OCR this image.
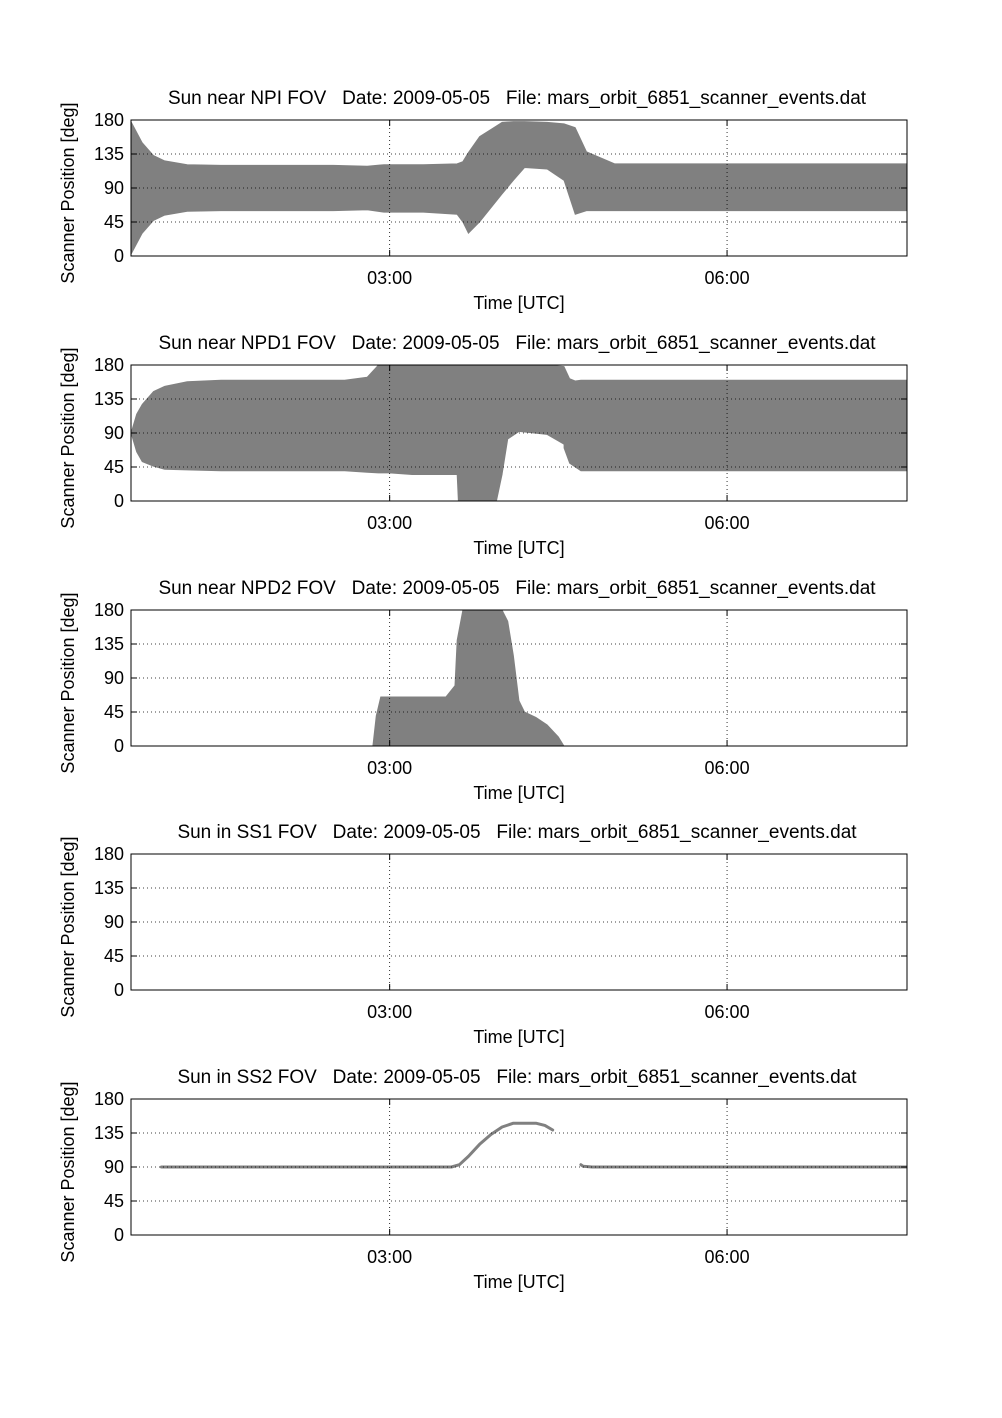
0
45
90
135
180
03:00	06:00
Sun near NPI FOV   Date: 2009-05-05   File: mars_orbit_6851_scanner_events.dat
Time [UTC]
Scanner Position [deg]
0
45
90
135
180
03:00	06:00
Sun near NPD1 FOV   Date: 2009-05-05   File: mars_orbit_6851_scanner_events.dat
Time [UTC]
Scanner Position [deg]
0
45
90
135
180
03:00	06:00
Sun near NPD2 FOV   Date: 2009-05-05   File: mars_orbit_6851_scanner_events.dat
Time [UTC]
Scanner Position [deg]
0
45
90
135
180
03:00	06:00
Sun in SS1 FOV   Date: 2009-05-05   File: mars_orbit_6851_scanner_events.dat
Time [UTC]
Scanner Position [deg]
0
45
90
135
180
03:00	06:00
Sun in SS2 FOV   Date: 2009-05-05   File: mars_orbit_6851_scanner_events.dat
Time [UTC]
Scanner Position [deg]
